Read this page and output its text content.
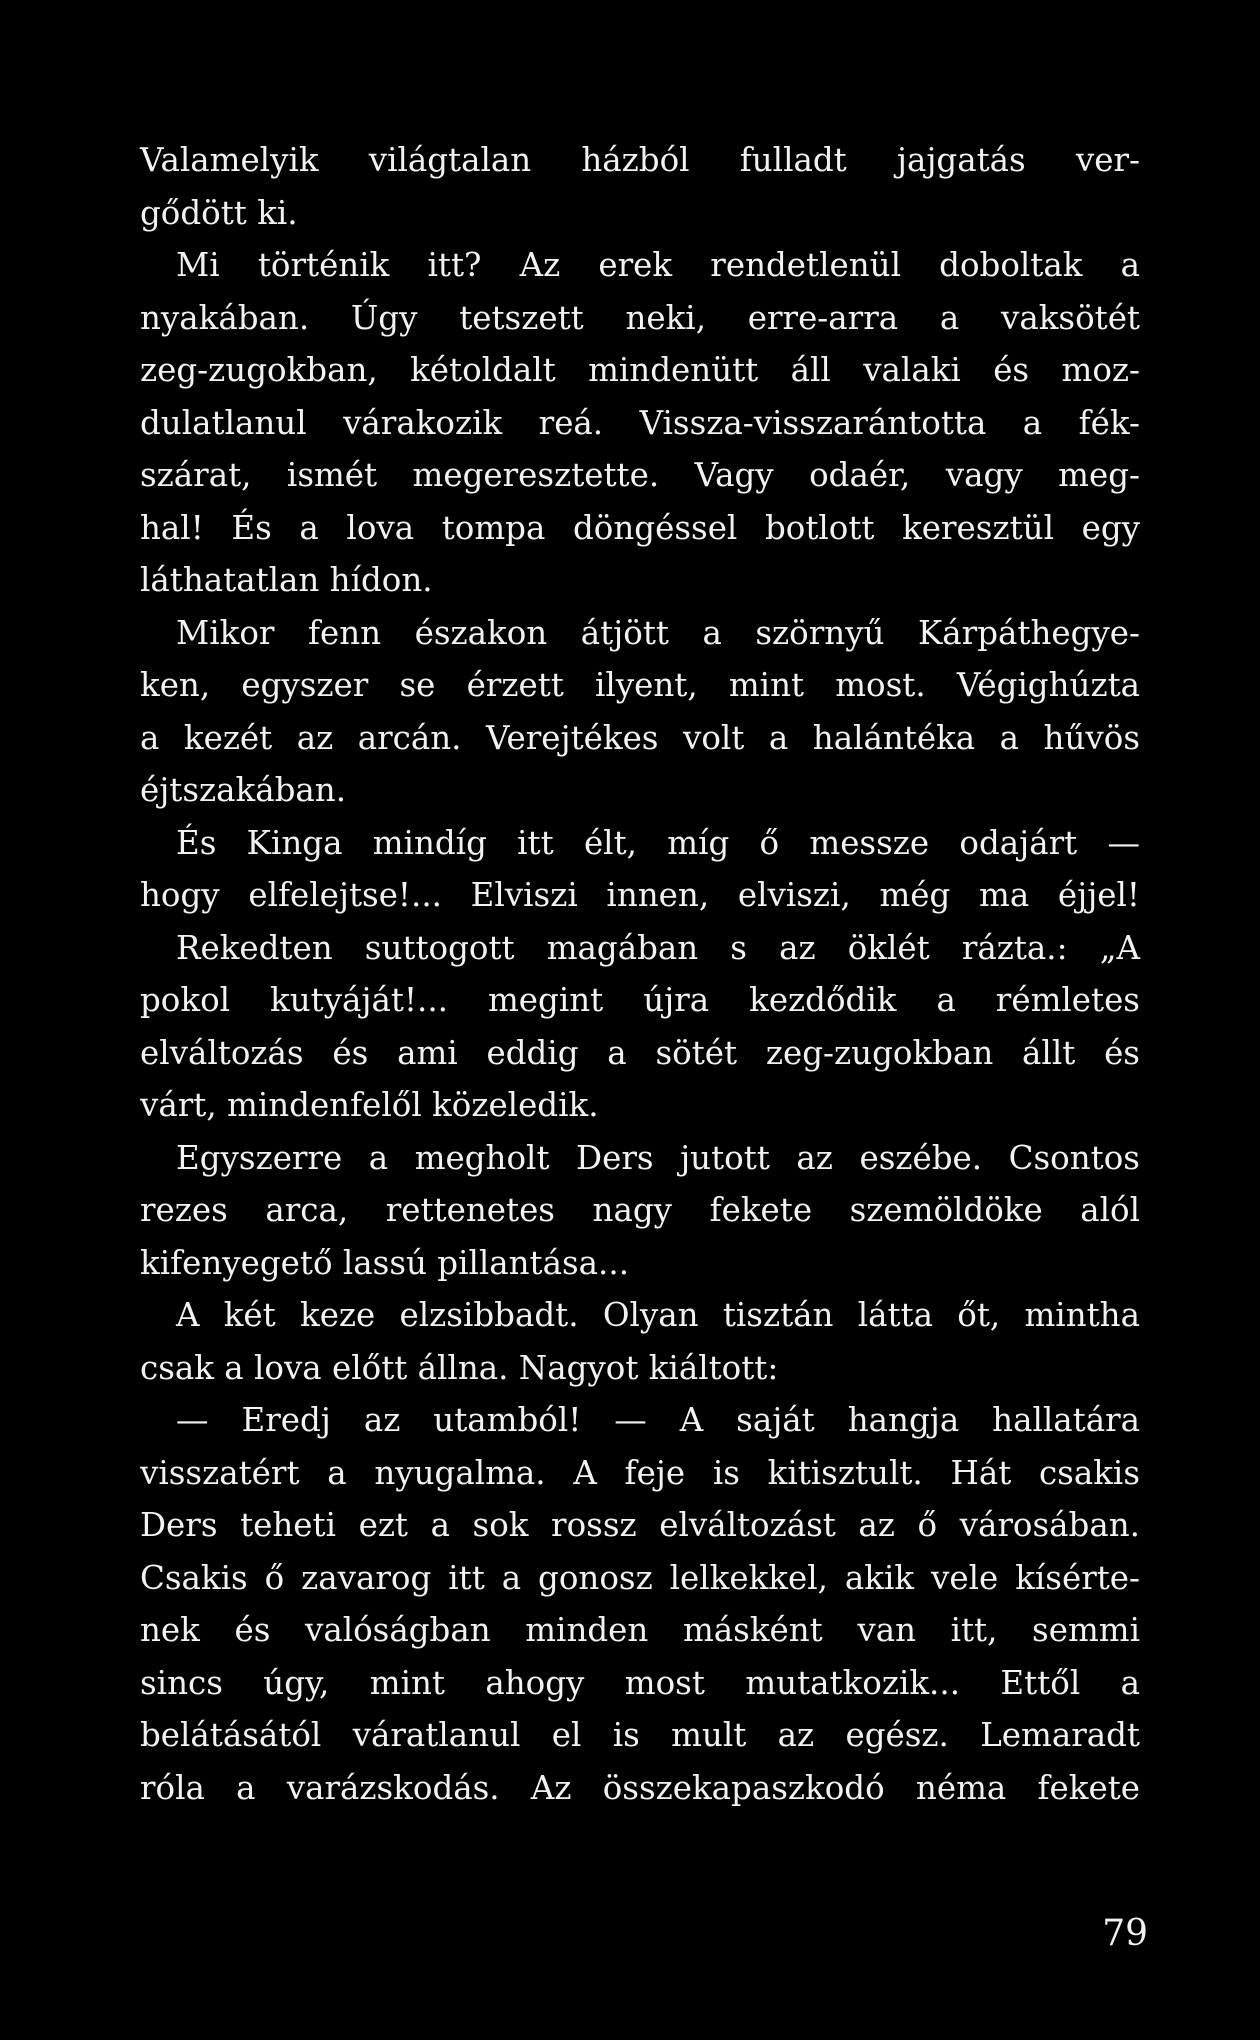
Valamelyik világtalan házból fulladt jajgatás ver-
gődött ki.
Mi történik itt? Az erek rendetlenül doboltak a
nyakában. Úgy tetszett neki, erre-arra a vaksötét
zeg-zugokban, kétoldalt mindenütt áll valaki és moz-
dulatlanul várakozik reá. Vissza-visszarántotta a fék-
szárat, ismét megeresztette. Vagy odaér, vagy meg-
hal! És a lova tompa döngéssel botlott keresztül egy
láthatatlan hídon.
Mikor fenn északon átjött a szörnyű Kárpáthegye-
ken, egyszer se érzett ilyent, mint most. Végighúzta
a kezét az arcán. Verejtékes volt a halántéka a hűvös
éjtszakában.
És Kinga mindíg itt élt, míg ő messze odajárt —
hogy elfelejtse!... Elviszi innen, elviszi, még ma éjjel!
Rekedten suttogott magában s az öklét rázta.: „A
pokol kutyáját!... megint újra kezdődik a rémletes
elváltozás és ami eddig a sötét zeg-zugokban állt és
várt, mindenfelől közeledik.
Egyszerre a megholt Ders jutott az eszébe. Csontos
rezes arca, rettenetes nagy fekete szemöldöke alól
kifenyegető lassú pillantása...
A két keze elzsibbadt. Olyan tisztán látta őt, mintha
csak a lova előtt állna. Nagyot kiáltott:
— Eredj az utamból! — A saját hangja hallatára
visszatért a nyugalma. A feje is kitisztult. Hát csakis
Ders teheti ezt a sok rossz elváltozást az ő városában.
Csakis ő zavarog itt a gonosz lelkekkel, akik vele kísérte-
nek és valóságban minden másként van itt, semmi
sincs úgy, mint ahogy most mutatkozik... Ettől a
belátásától váratlanul el is mult az egész. Lemaradt
róla a varázskodás. Az összekapaszkodó néma fekete
79
